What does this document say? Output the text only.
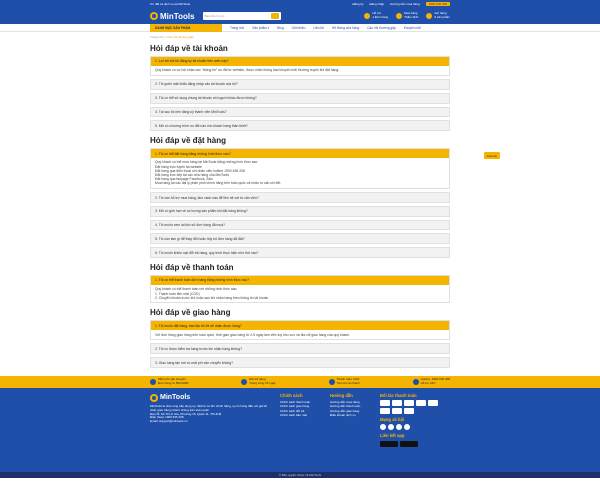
Ưu đãi và dịch vụ tại MinTools	Đăng ký Đăng nhập Hướng dẫn mua hàng	1900 636 208
MinTools	Bạn cần tìm gì...
Hỗ trợ
1 Đơn hàng
Mua hàng
Thẩm định
Giỏ hàng
0 sản phẩm
DANH MỤC SẢN PHẨM	Trang chủ	Sản phẩm ▾	Blog	Giới thiệu	Liên hệ	Hệ thống cửa hàng	Câu hỏi thường gặp	Khuyến mãi
Trang chủ > Câu hỏi thường gặp
Hỏi đáp về tài khoản
1. Lợi ích khi tôi đăng ký tài khoản trên web này?
Quý khách có cơ hội nhận các “thông tin” ưu đãi từ website, được nhận thông báo khuyến mãi thường xuyên khi đặt hàng.
2. Tôi quên mật khẩu đăng nhập vào tài khoản của tôi?
3. Tôi có thể sử dụng chung tài khoản với người khác được không?
4. Tại sao tôi nên đăng ký thành viên MinTools?
5. Mở có chương trình ưu đãi nào cho khách hàng thân thiết?
Hỏi đáp về đặt hàng
1. Tôi có thể đặt hàng bằng những hình thức nào?
Quý khách có thể mua hàng tại MinTools bằng những hình thức sau:
Đặt hàng trực tuyến tại website
Đặt hàng qua điện thoại với nhân viên hotline 1900 636 208
Đặt hàng trực tiếp tại các cửa hàng của MinTools
Đặt hàng qua fanpage Facebook, Zalo
Mua hàng tại các đại lý phân phối chính hãng trên toàn quốc và nhận tư vấn chi tiết.
2. Tôi cần hỗ trợ mua hàng, làm cách nào để liên hệ với tư vấn viên?
3. Mở có giới hạn về số lượng sản phẩm khi đặt hàng không?
4. Tôi muốn xem lại lịch sử đơn hàng đã mua?
5. Tôi cần làm gì để thay đổi hoặc hủy bỏ đơn hàng đã đặt?
6. Tôi muốn khiếu nại/ đổi trả hàng, quy trình thực hiện như thế nào?
Hỏi đáp về thanh toán
1. Tôi có thể thanh toán đơn hàng bằng những hình thức nào?
Quý khách có thể thanh toán với những hình thức sau:
1. Thanh toán tiền mặt (COD)
2. Chuyển khoản trước khi hoặc sau khi nhận hàng theo thông tin tài khoản.
Hỏi đáp về giao hàng
1. Tôi muốn đặt hàng, bao lâu thì tôi sẽ nhận được hàng?
Với đơn hàng giao hàng trên toàn quốc, thời gian giao hàng từ 2-5 ngày làm việc tùy khu vực và địa chỉ giao hàng của quý khách.
2. Tôi có được kiểm tra hàng trước khi nhận hàng không?
3. Giao hàng tận nơi có mất phí vận chuyển không?
Miễn phí vận chuyển
Đơn hàng từ 500.000đ
Đổi trả hàng
Trong vòng 15 ngày
Thanh toán COD
Tiện lợi và nhanh
Hotline: 1900 636 208
Hỗ trợ 24/7
MinTools
MinTools là nhà cung cấp dụng cụ, thiết bị cơ khí chính hãng, uy tín hàng đầu với giá tốt nhất, giao hàng nhanh chóng trên toàn quốc.
Địa chỉ: Số 70 Lữ Gia, Phường 15, Quận 11, TP.HCM
Điện thoại: 1900 636 208
Email: support@mintools.vn
Chính sách
Chính sách thanh toán
Chính sách giao hàng
Chính sách đổi trả
Chính sách bảo mật
Hướng dẫn
Hướng dẫn mua hàng
Hướng dẫn thanh toán
Hướng dẫn giao hàng
Điều khoản dịch vụ
Đối tác thanh toán
Mạng xã hội
Liên kết app
© Bản quyền thuộc về MinTools
Liên hệ
